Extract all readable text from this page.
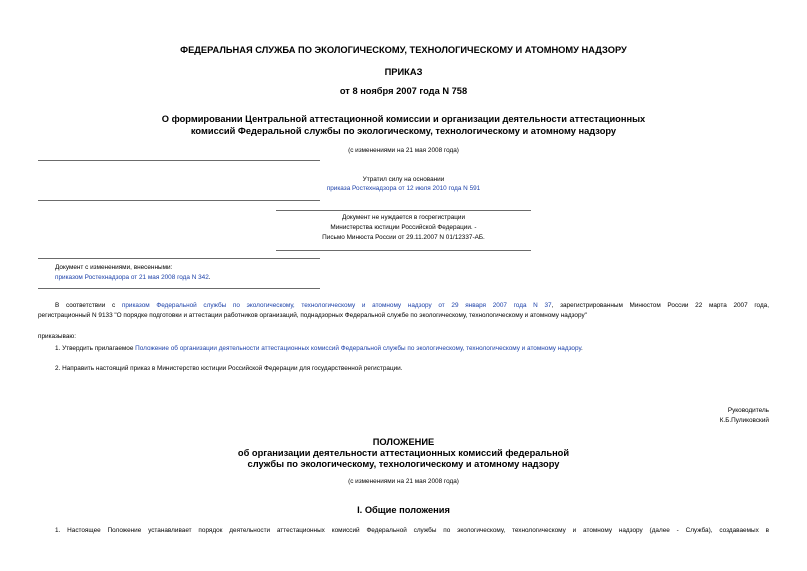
ФЕДЕРАЛЬНАЯ СЛУЖБА ПО ЭКОЛОГИЧЕСКОМУ, ТЕХНОЛОГИЧЕСКОМУ И АТОМНОМУ НАДЗОРУ
ПРИКАЗ
от 8 ноября 2007 года N 758
О формировании Центральной аттестационной комиссии и организации деятельности аттестационных
комиссий Федеральной службы по экологическому, технологическому и атомному надзору
(с изменениями на 21 мая 2008 года)
Утратил силу на основании
приказа Ростехнадзора от 12 июля 2010 года N 591
Документ не нуждается в госрегистрации
Министерства юстиции Российской Федерации. -
Письмо Минюста России от 29.11.2007 N 01/12337-АБ.
Документ с изменениями, внесенными:
приказом Ростехнадзора от 21 мая 2008 года N 342.
В соответствии с приказом Федеральной службы по экологическому, технологическому и атомному надзору от 29 января 2007 года N 37, зарегистрированным Минюстом России 22 марта 2007 года,
регистрационный N 9133 "О порядке подготовки и аттестации работников организаций, поднадзорных Федеральной службе по экологическому, технологическому и атомному надзору"
приказываю:
1. Утвердить прилагаемое Положение об организации деятельности аттестационных комиссий Федеральной службы по экологическому, технологическому и атомному надзору.
2. Направить настоящий приказ в Министерство юстиции Российской Федерации для государственной регистрации.
Руководитель
К.Б.Пуликовский
ПОЛОЖЕНИЕ
об организации деятельности аттестационных комиссий федеральной
службы по экологическому, технологическому и атомному надзору
(с изменениями на 21 мая 2008 года)
I. Общие положения
1. Настоящее Положение устанавливает порядок деятельности аттестационных комиссий Федеральной службы по экологическому, технологическому и атомному надзору (далее - Служба), создаваемых в
